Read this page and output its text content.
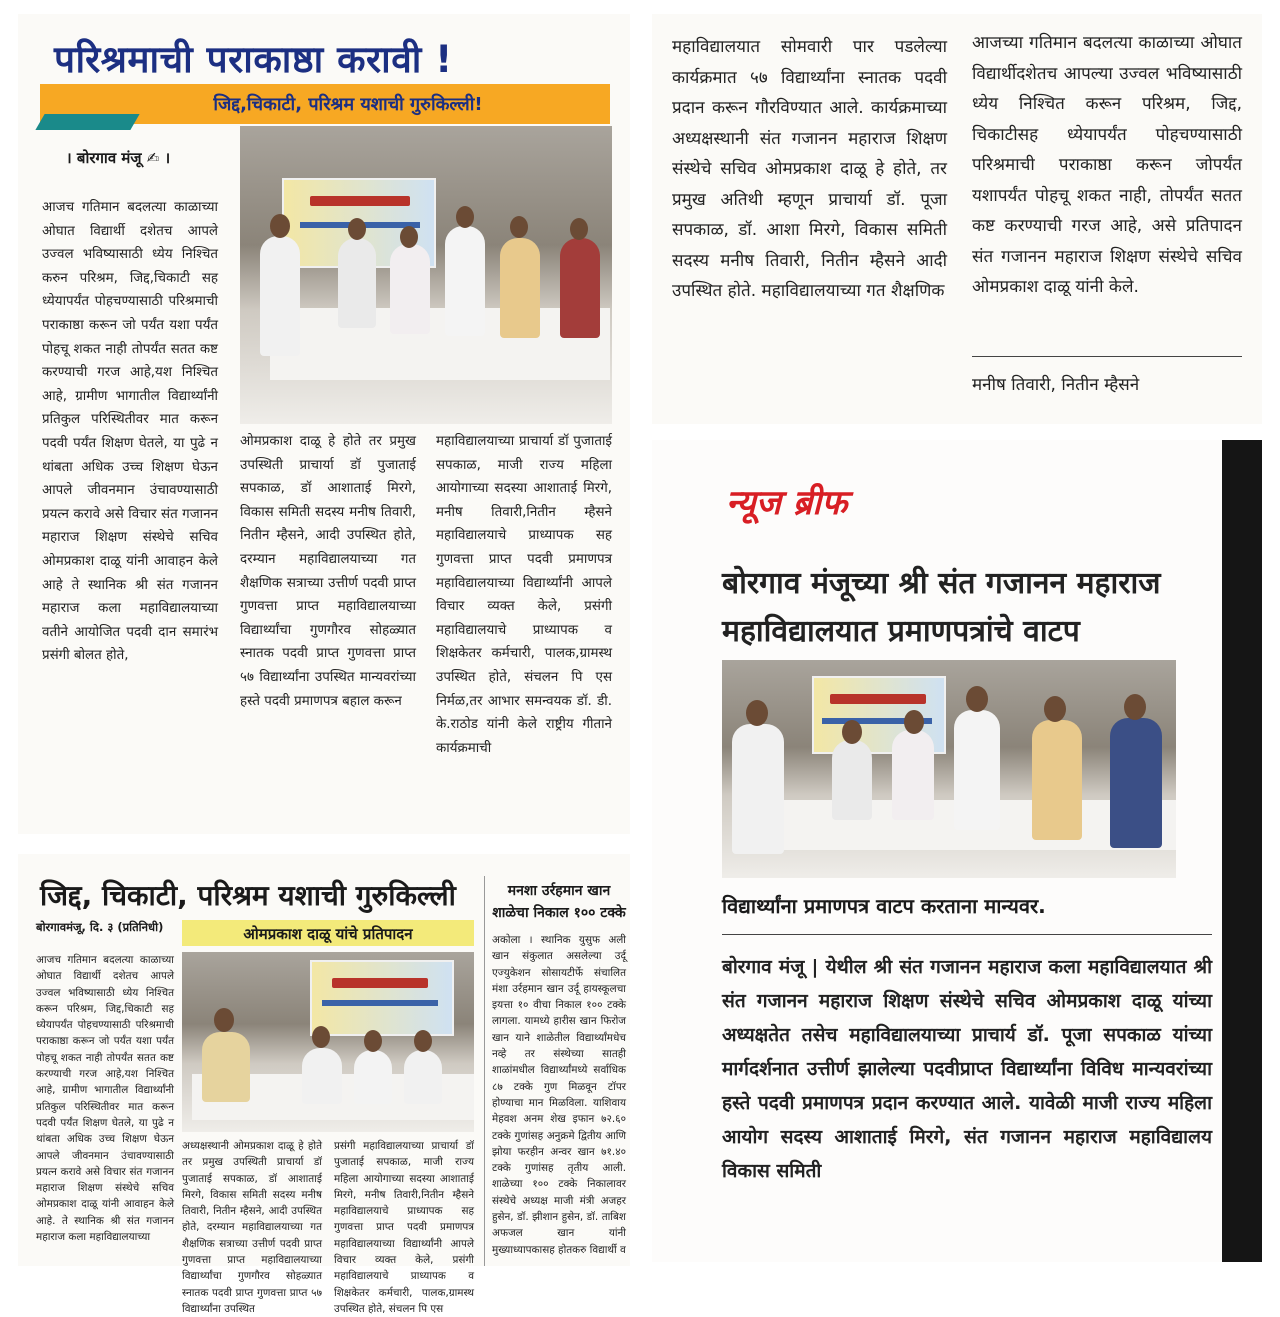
परिश्रमाची पराकाष्ठा करावी !
जिद्द,चिकाटी, परिश्रम यशाची गुरुकिल्ली!
। बोरगाव मंजू ✍ ।
आजच गतिमान बदलत्या काळाच्या ओघात विद्यार्थी दशेतच आपले उज्वल भविष्यासाठी ध्येय निश्चित करुन परिश्रम, जिद्द,चिकाटी सह ध्येयापर्यंत पोहचण्यासाठी परिश्रमाची पराकाष्ठा करून जो पर्यंत यशा पर्यंत पोहचू शकत नाही तोपर्यंत सतत कष्ट करण्याची गरज आहे,यश निश्चित आहे, ग्रामीण भागातील विद्यार्थ्यांनी प्रतिकुल परिस्थितीवर मात करून पदवी पर्यंत शिक्षण घेतले, या पुढे न थांबता अधिक उच्च शिक्षण घेऊन आपले जीवनमान उंचावण्यासाठी प्रयत्न करावे असे विचार संत गजानन महाराज शिक्षण संस्थेचे सचिव ओमप्रकाश दाळू यांनी आवाहन केले आहे ते स्थानिक श्री संत गजानन महाराज कला महाविद्यालयाच्या वतीने आयोजित पदवी दान समारंभ प्रसंगी बोलत होते,
ओमप्रकाश दाळू हे होते तर प्रमुख उपस्थिती प्राचार्या डॉ पुजाताई सपकाळ, डॉ आशाताई मिरगे, विकास समिती सदस्य मनीष तिवारी, नितीन म्हैसने, आदी उपस्थित होते, दरम्यान महाविद्यालयाच्या गत शैक्षणिक सत्राच्या उत्तीर्ण पदवी प्राप्त गुणवत्ता प्राप्त महाविद्यालयाच्या विद्यार्थ्यांचा गुणगौरव सोहळ्यात स्नातक पदवी प्राप्त गुणवत्ता प्राप्त ५७ विद्यार्थ्यांना उपस्थित मान्यवरांच्या हस्ते पदवी प्रमाणपत्र बहाल करून
महाविद्यालयाच्या प्राचार्या डॉ पुजाताई सपकाळ, माजी राज्य महिला आयोगाच्या सदस्या आशाताई मिरगे, मनीष तिवारी,नितीन म्हैसने महाविद्यालयाचे प्राध्यापक सह गुणवत्ता प्राप्त पदवी प्रमाणपत्र महाविद्यालयाच्या विद्यार्थ्यांनी आपले विचार व्यक्त केले, प्रसंगी महाविद्यालयाचे प्राध्यापक व शिक्षकेतर कर्मचारी, पालक,ग्रामस्थ उपस्थित होते, संचलन पि एस निर्मळ,तर आभार समन्वयक डॉ. डी. के.राठोड यांनी केले राष्ट्रीय गीताने कार्यक्रमाची
महाविद्यालयात सोमवारी पार पडलेल्या कार्यक्रमात ५७ विद्यार्थ्यांना स्नातक पदवी प्रदान करून गौरविण्यात आले. कार्यक्रमाच्या अध्यक्षस्थानी संत गजानन महाराज शिक्षण संस्थेचे सचिव ओमप्रकाश दाळू हे होते, तर प्रमुख अतिथी म्हणून प्राचार्या डॉ. पूजा सपकाळ, डॉ. आशा मिरगे, विकास समिती सदस्य मनीष तिवारी, नितीन म्हैसने आदी उपस्थित होते. महाविद्यालयाच्या गत शैक्षणिक
आजच्या गतिमान बदलत्या काळाच्या ओघात विद्यार्थीदशेतच आपल्या उज्वल भविष्यासाठी ध्येय निश्चित करून परिश्रम, जिद्द, चिकाटीसह ध्येयापर्यंत पोहचण्यासाठी परिश्रमाची पराकाष्ठा करून जोपर्यंत यशापर्यंत पोहचू शकत नाही, तोपर्यंत सतत कष्ट करण्याची गरज आहे, असे प्रतिपादन संत गजानन महाराज शिक्षण संस्थेचे सचिव ओमप्रकाश दाळू यांनी केले.
मनीष तिवारी, नितीन म्हैसने
न्यूज ब्रीफ
बोरगाव मंजूच्या श्री संत गजानन महाराज महाविद्यालयात प्रमाणपत्रांचे वाटप
विद्यार्थ्यांना प्रमाणपत्र वाटप करताना मान्यवर.
बोरगाव मंजू | येथील श्री संत गजानन महाराज कला महाविद्यालयात श्री संत गजानन महाराज शिक्षण संस्थेचे सचिव ओमप्रकाश दाळू यांच्या अध्यक्षतेत तसेच महाविद्यालयाच्या प्राचार्य डॉ. पूजा सपकाळ यांच्या मार्गदर्शनात उत्तीर्ण झालेल्या पदवीप्राप्त विद्यार्थ्यांना विविध मान्यवरांच्या हस्ते पदवी प्रमाणपत्र प्रदान करण्यात आले. यावेळी माजी राज्य महिला आयोग सदस्य आशाताई मिरगे, संत गजानन महाराज महाविद्यालय विकास समिती
जिद्द, चिकाटी, परिश्रम यशाची गुरुकिल्ली
बोरगावमंजू, दि. ३ (प्रतिनिधी)	ओमप्रकाश दाळू यांचे प्रतिपादन
मनशा उर्रहमान खान शाळेचा निकाल १०० टक्के
आजच गतिमान बदलत्या काळाच्या ओघात विद्यार्थी दशेतच आपले उज्वल भविष्यासाठी ध्येय निश्चित करून परिश्रम, जिद्द,चिकाटी सह ध्येयापर्यंत पोहचण्यासाठी परिश्रमाची पराकाष्ठा करून जो पर्यंत यशा पर्यंत पोहचू शकत नाही तोपर्यंत सतत कष्ट करण्याची गरज आहे,यश निश्चित आहे, ग्रामीण भागातील विद्यार्थ्यांनी प्रतिकुल परिस्थितीवर मात करून पदवी पर्यंत शिक्षण घेतले, या पुढे न थांबता अधिक उच्च शिक्षण घेऊन आपले जीवनमान उंचावण्यासाठी प्रयत्न करावे असे विचार संत गजानन महाराज शिक्षण संस्थेचे सचिव ओमप्रकाश दाळू यांनी आवाहन केले आहे. ते स्थानिक श्री संत गजानन महाराज कला महाविद्यालयाच्या
अध्यक्षस्थानी ओमप्रकाश दाळू हे होते तर प्रमुख उपस्थिती प्राचार्या डॉ पुजाताई सपकाळ, डॉ आशाताई मिरगे, विकास समिती सदस्य मनीष तिवारी, नितीन म्हैसने, आदी उपस्थित होते, दरम्यान महाविद्यालयाच्या गत शैक्षणिक सत्राच्या उत्तीर्ण पदवी प्राप्त गुणवत्ता प्राप्त महाविद्यालयाच्या विद्यार्थ्यांचा गुणगौरव सोहळ्यात स्नातक पदवी प्राप्त गुणवत्ता प्राप्त ५७ विद्यार्थ्यांना उपस्थित
प्रसंगी महाविद्यालयाच्या प्राचार्या डॉ पुजाताई सपकाळ, माजी राज्य महिला आयोगाच्या सदस्या आशाताई मिरगे, मनीष तिवारी,नितीन म्हैसने महाविद्यालयाचे प्राध्यापक सह गुणवत्ता प्राप्त पदवी प्रमाणपत्र महाविद्यालयाच्या विद्यार्थ्यांनी आपले विचार व्यक्त केले, प्रसंगी महाविद्यालयाचे प्राध्यापक व शिक्षकेतर कर्मचारी, पालक,ग्रामस्थ उपस्थित होते, संचलन पि एस
अकोला । स्थानिक युसुफ अली खान संकुलात असलेल्या उर्दू एज्युकेशन सोसायटीर्फे संचालित मंशा उर्रहमान खान उर्दू हायस्कूलचा इयत्ता १० वीचा निकाल १०० टक्के लागला. यामध्ये हारीस खान फिरोज खान याने शाळेतील विद्यार्थ्यांमधेच नव्हे तर संस्थेच्या सातही शाळांमधील विद्यार्थ्यांमध्ये सर्वाधिक ८७ टक्के गुण मिळवून टॉपर होण्याचा मान मिळविला. याशिवाय मेहवश अनम शेख इफान ७२.६० टक्के गुणांसह अनुक्रमे द्वितीय आणि झोया फरहीन अन्वर खान ७१.४० टक्के गुणांसह तृतीय आली. शाळेच्या १०० टक्के निकालावर संस्थेचे अध्यक्ष माजी मंत्री अजहर हुसेन, डॉ. झीशान हुसेन, डॉ. ताबिश अफजल खान यांनी मुख्याध्यापकासह होतकरु विद्यार्थी व
